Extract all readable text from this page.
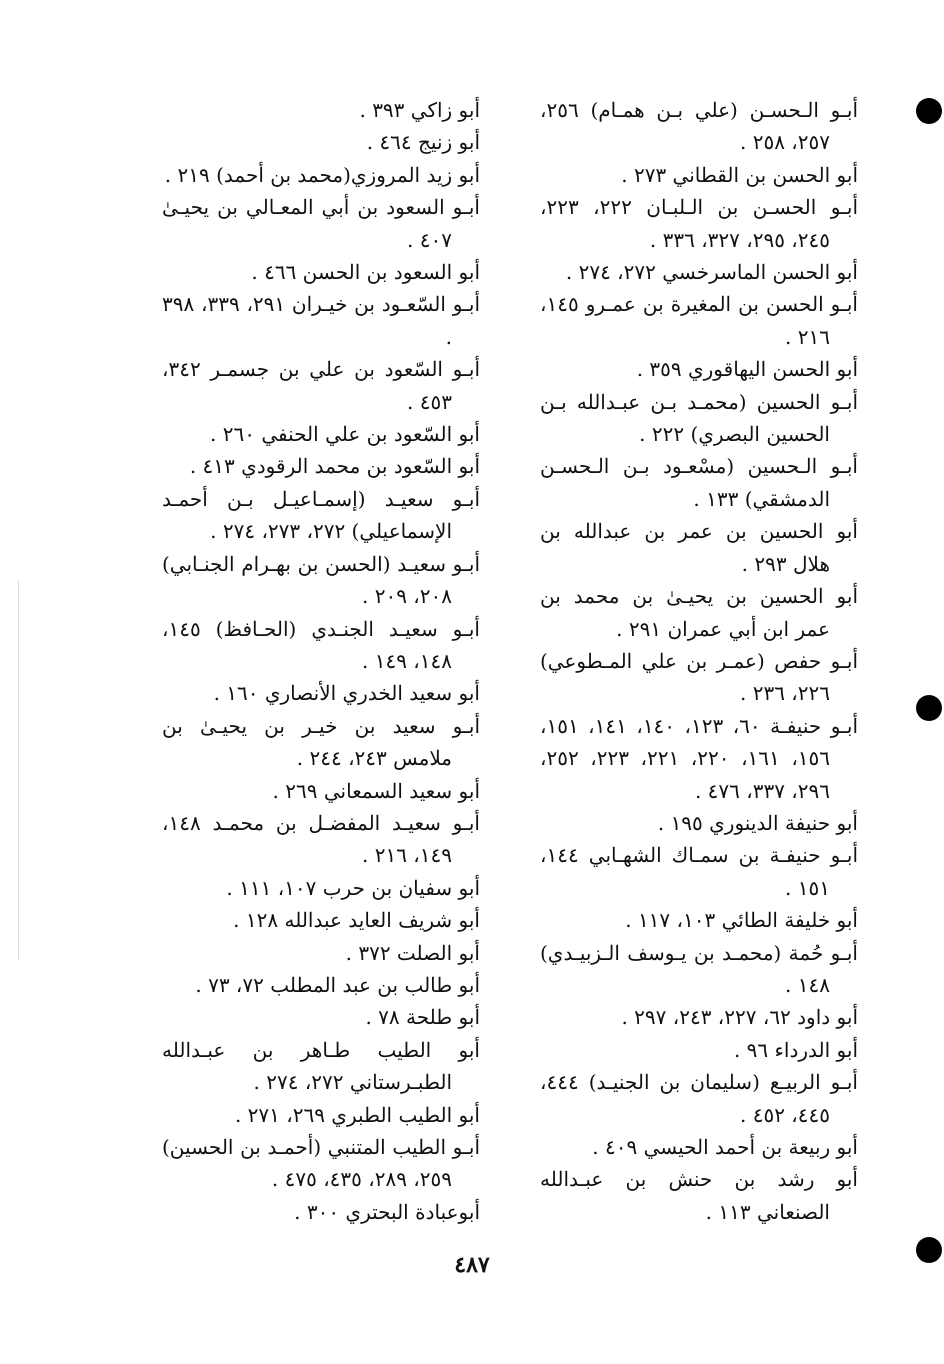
أبـو الـحسـن (علي بـن همـام) ٢٥٦، ٢٥٧، ٢٥٨ .

أبو الحسن بن القطاني ٢٧٣ .

أبـو الحسـن بن الـلبـان ٢٢٢، ٢٢٣، ٢٤٥، ٢٩٥، ٣٢٧، ٣٣٦ .

أبو الحسن الماسرخسي ٢٧٢، ٢٧٤ .

أبـو الحسن بن المغيرة بن عمـرو ١٤٥، ٢١٦ .

أبو الحسن اليهاقوري ٣٥٩ .

أبـو الحسين (محمـد بـن عبـدالله بـن الحسين البصري) ٢٢٢ .

أبـو الـحسين (مسْعـود بـن الـحسـن الدمشقي) ١٣٣ .

أبو الحسين بن عمر بن عبدالله بن هلال ٢٩٣ .

أبو الحسين بن يحيـىٰ بن محمد بن عمر ابن أبي عمران ٢٩١ .

أبـو حفص (عمـر بن علي المـطوعي) ٢٢٦، ٢٣٦ .

أبـو حنيفـة ٦٠، ١٢٣، ١٤٠، ١٤١، ١٥١، ١٥٦، ١٦١، ٢٢٠، ٢٢١، ٢٢٣، ٢٥٢، ٢٩٦، ٣٣٧، ٤٧٦ .

أبو حنيفة الدينوري ١٩٥ .

أبـو حنيفـة بن سمـاك الشهـابي ١٤٤، ١٥١ .

أبو خليفة الطائي ١٠٣، ١١٧ .

أبـو حُمة (محمـد بن يـوسف الـزبيـدي) ١٤٨ .

أبو داود ٦٢، ٢٢٧، ٢٤٣، ٢٩٧ .

أبو الدرداء ٩٦ .

أبـو الربيـع (سليمان بن الجنيـد) ٤٤٤، ٤٤٥، ٤٥٢ .

أبو ربيعة بن أحمد الحيسي ٤٠٩ .

أبو رشد بن حنش بن عبـدالله الصنعاني ١١٣ .

أبو زاكي ٣٩٣ .

أبو زنيج ٤٦٤ .

أبو زيد المروزي(محمد بن أحمد) ٢١٩ .

أبـو السعود بن أبي المعـالي بن يحيـىٰ ٤٠٧ .

أبو السعود بن الحسن ٤٦٦ .

أبـو السّعـود بن خيـران ٢٩١، ٣٣٩، ٣٩٨ .

أبـو السّعود بن علي بن جسمـر ٣٤٢، ٤٥٣ .

أبو السّعود بن علي الحنفي ٢٦٠ .

أبو السّعود بن محمد الرقودي ٤١٣ .

أبـو سعيـد (إسمـاعيـل بـن أحمـد الإسماعيلي) ٢٧٢، ٢٧٣، ٢٧٤ .

أبـو سعيـد (الحسن بن بهـرام الجنـابي) ٢٠٨، ٢٠٩ .

أبـو سعيـد الجنـدي (الحـافظ) ١٤٥، ١٤٨، ١٤٩ .

أبو سعيد الخدري الأنصاري ١٦٠ .

أبـو سعيد بن خيـر بن يحيـىٰ بن ملامس ٢٤٣، ٢٤٤ .

أبو سعيد السمعاني ٢٦٩ .

أبـو سعيـد المفضـل بن محمـد ١٤٨، ١٤٩، ٢١٦ .

أبو سفيان بن حرب ١٠٧، ١١١ .

أبو شريف العايد عبدالله ١٢٨ .

أبو الصلت ٣٧٢ .

أبو طالب بن عبد المطلب ٧٢، ٧٣ .

أبو طلحة ٧٨ .

أبو الطيب طـاهر بن عبـدالله الطبـرستاني ٢٧٢، ٢٧٤ .

أبو الطيب الطبري ٢٦٩، ٢٧١ .

أبـو الطيب المتنبي (أحمـد بن الحسين) ٢٥٩، ٢٨٩، ٤٣٥، ٤٧٥ .

أبوعبادة البحتري ٣٠٠ .

٤٨٧
